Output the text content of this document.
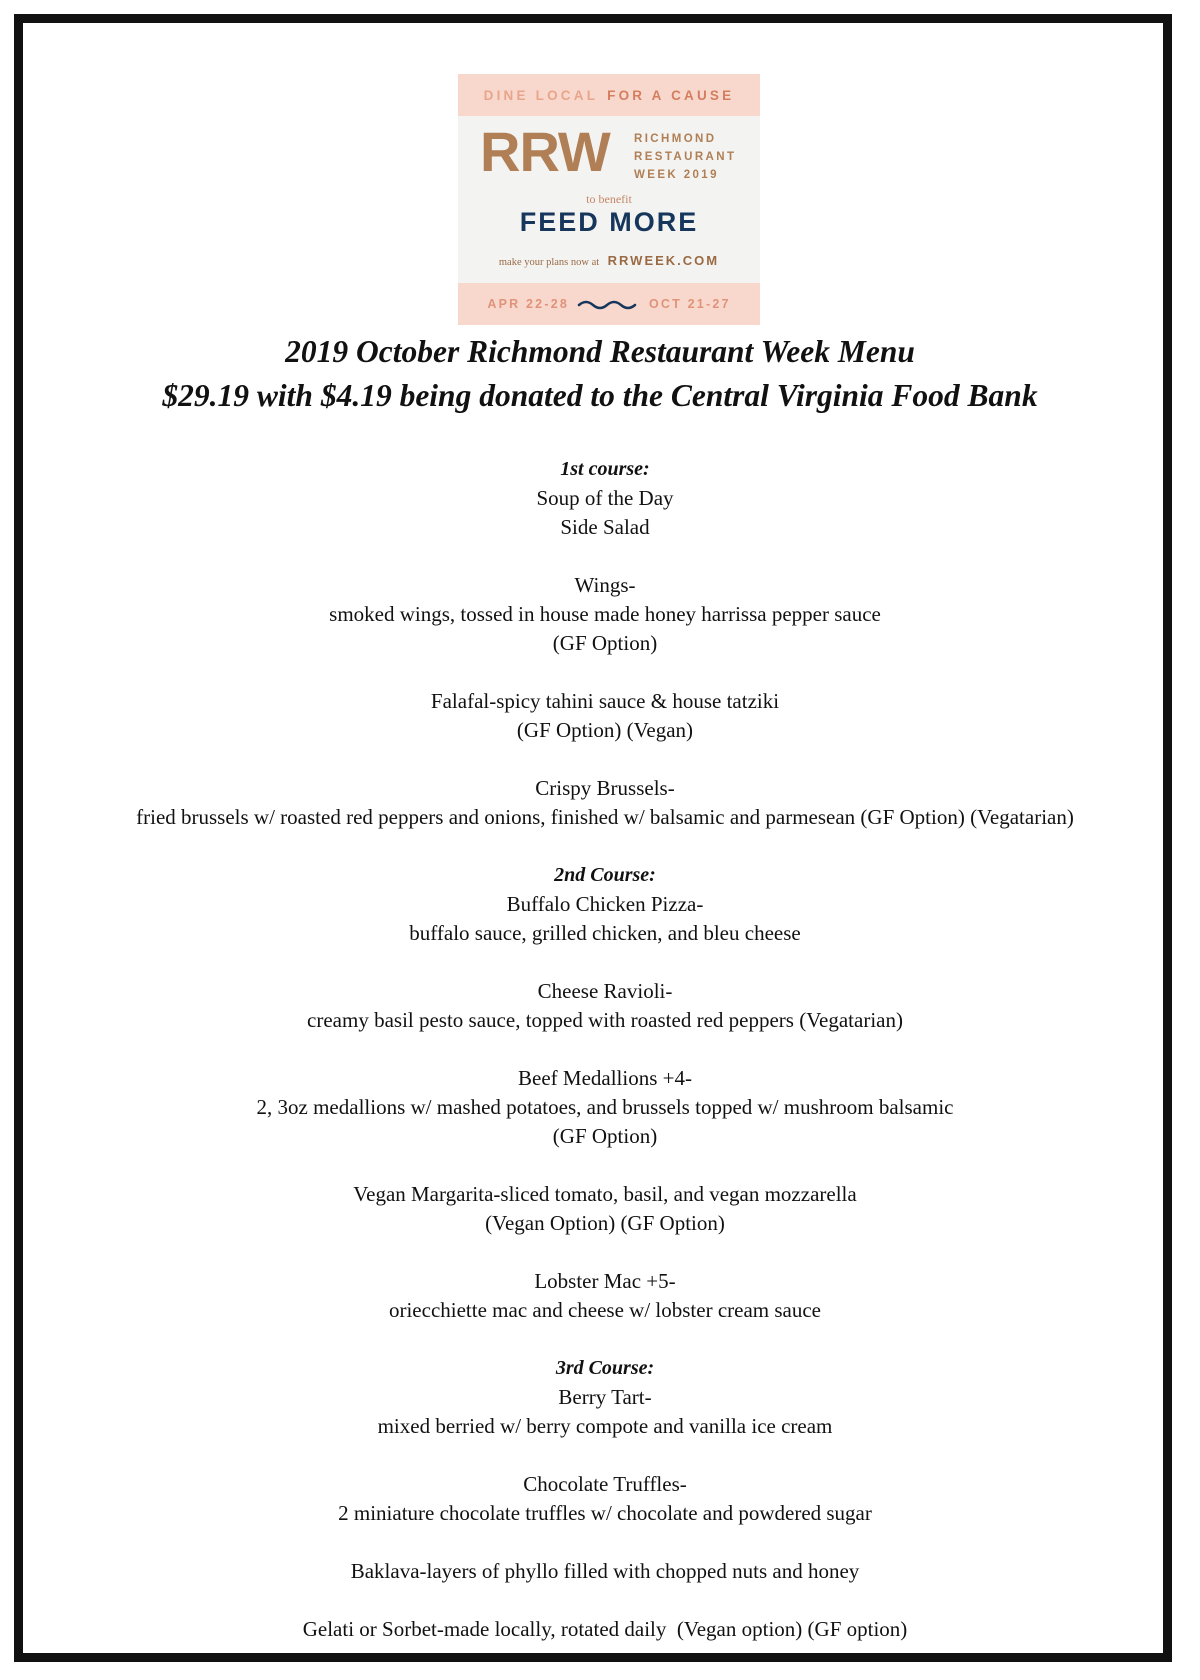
DINE LOCAL FOR A CAUSE
RRW RICHMOND
RESTAURANT
WEEK 2019
to benefit
FEED MORE
make your plans now at RRWEEK.COM
APR 22-28	OCT 21-27
2019 October Richmond Restaurant Week Menu
$29.19 with $4.19 being donated to the Central Virginia Food Bank
1st course:
Soup of the Day
Side Salad
Wings-
smoked wings, tossed in house made honey harrissa pepper sauce
(GF Option)
Falafal-spicy tahini sauce & house tatziki
(GF Option) (Vegan)
Crispy Brussels-
fried brussels w/ roasted red peppers and onions, finished w/ balsamic and parmesean (GF Option) (Vegatarian)
2nd Course:
Buffalo Chicken Pizza-
buffalo sauce, grilled chicken, and bleu cheese
Cheese Ravioli-
creamy basil pesto sauce, topped with roasted red peppers (Vegatarian)
Beef Medallions +4-
2, 3oz medallions w/ mashed potatoes, and brussels topped w/ mushroom balsamic
(GF Option)
Vegan Margarita-sliced tomato, basil, and vegan mozzarella
(Vegan Option) (GF Option)
Lobster Mac +5-
oriecchiette mac and cheese w/ lobster cream sauce
3rd Course:
Berry Tart-
mixed berried w/ berry compote and vanilla ice cream
Chocolate Truffles-
2 miniature chocolate truffles w/ chocolate and powdered sugar
Baklava-layers of phyllo filled with chopped nuts and honey
Gelati or Sorbet-made locally, rotated daily  (Vegan option) (GF option)
